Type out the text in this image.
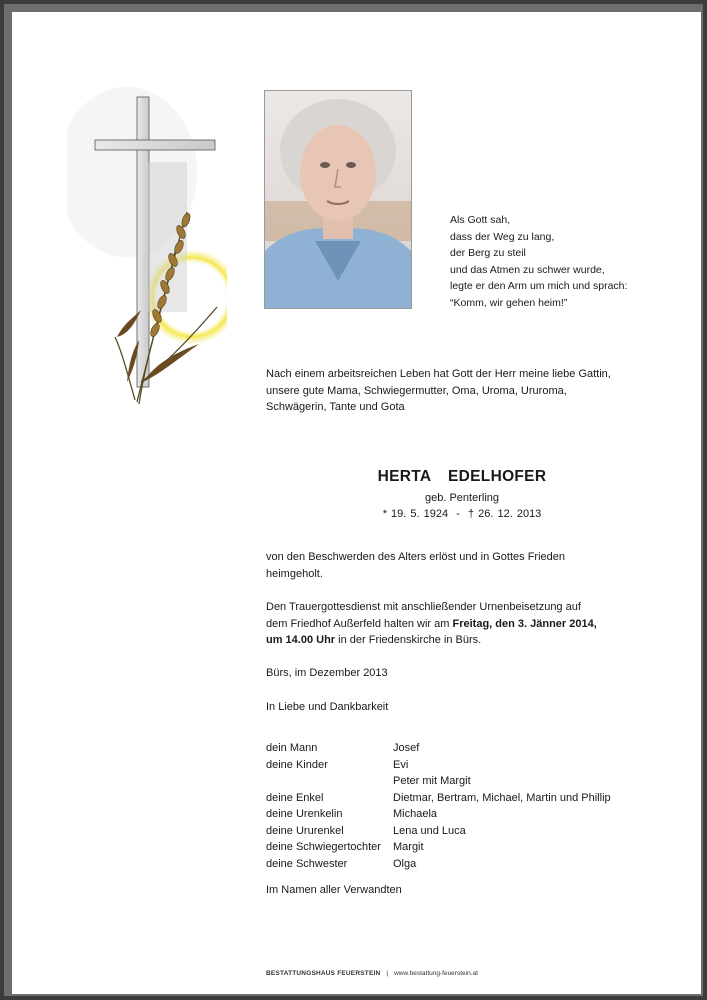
Als Gott sah,
dass der Weg zu lang,
der Berg zu steil
und das Atmen zu schwer wurde,
legte er den Arm um mich und sprach:
“Komm, wir gehen heim!”
Nach einem arbeitsreichen Leben hat Gott der Herr meine liebe Gattin,
unsere gute Mama, Schwiegermutter, Oma, Uroma, Ururoma,
Schwägerin, Tante und Gota
HERTA  EDELHOFER
geb. Penterling
* 19. 5. 1924  -  † 26. 12. 2013
von den Beschwerden des Alters erlöst und in Gottes Frieden
heimgeholt.
Den Trauergottesdienst mit anschließender Urnenbeisetzung auf
dem Friedhof Außerfeld halten wir am Freitag, den 3. Jänner 2014,
um 14.00 Uhr in der Friedenskirche in Bürs.
Bürs, im Dezember 2013
In Liebe und Dankbarkeit
dein Mann	Josef
deine Kinder	Evi
Peter mit Margit
deine Enkel	Dietmar, Bertram, Michael, Martin und Phillip
deine Urenkelin	Michaela
deine Ururenkel	Lena und Luca
deine Schwiegertochter	Margit
deine Schwester	Olga
Im Namen aller Verwandten
BESTATTUNGSHAUS FEUERSTEIN | www.bestattung-feuerstein.at
